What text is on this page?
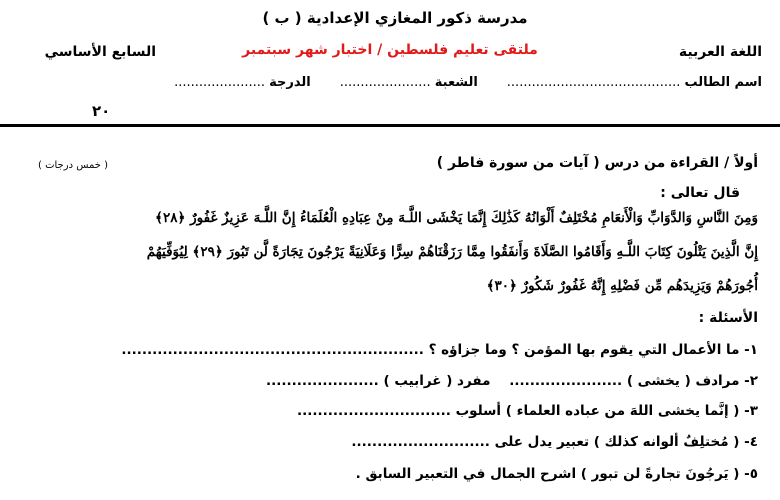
مدرسة ذكور المغازي الإعدادية ( ب )
اللغة العربية
ملتقى تعليم فلسطين / اختبار شهر سبتمبر
السابع الأساسي
اسم الطالب ..........................................       الشعبة ......................       الدرجة ......................
٢٠
أولاً / القراءة من درس ( آيات من سورة فاطر )
( خمس درجات )
قال تعالى :
وَمِنَ النَّاسِ وَالدَّوَابِّ وَالْأَنعَامِ مُخْتَلِفٌ أَلْوَانُهُ كَذَٰلِكَ إِنَّمَا يَخْشَى اللَّـهَ مِنْ عِبَادِهِ الْعُلَمَاءُ إِنَّ اللَّـهَ عَزِيزٌ غَفُورٌ ﴿٢٨﴾
إِنَّ الَّذِينَ يَتْلُونَ كِتَابَ اللَّـهِ وَأَقَامُوا الصَّلَاةَ وَأَنفَقُوا مِمَّا رَزَقْنَاهُمْ سِرًّا وَعَلَانِيَةً يَرْجُونَ تِجَارَةً لَّن تَبُورَ ﴿٢٩﴾ لِيُوَفِّيَهُمْ
أُجُورَهُمْ وَيَزِيدَهُم مِّن فَضْلِهِ إِنَّهُ غَفُورٌ شَكُورٌ ﴿٣٠﴾
الأسئلة :
١- ما الأعمال التي يقوم بها المؤمن ؟ وما جزاؤه ؟ ...........................................................
٢- مرادف ( يخشى ) ......................    مفرد ( غرابيب ) ......................
٣- ( إنَّما يخشى اللهَ من عباده العلماء ) أسلوب ..............................
٤- ( مُختلِفٌ ألوانه كذلك ) تعبير يدل على ...........................
٥- ( يَرجُونَ تجارةً لن تبور ) اشرح الجمال في التعبير السابق .
